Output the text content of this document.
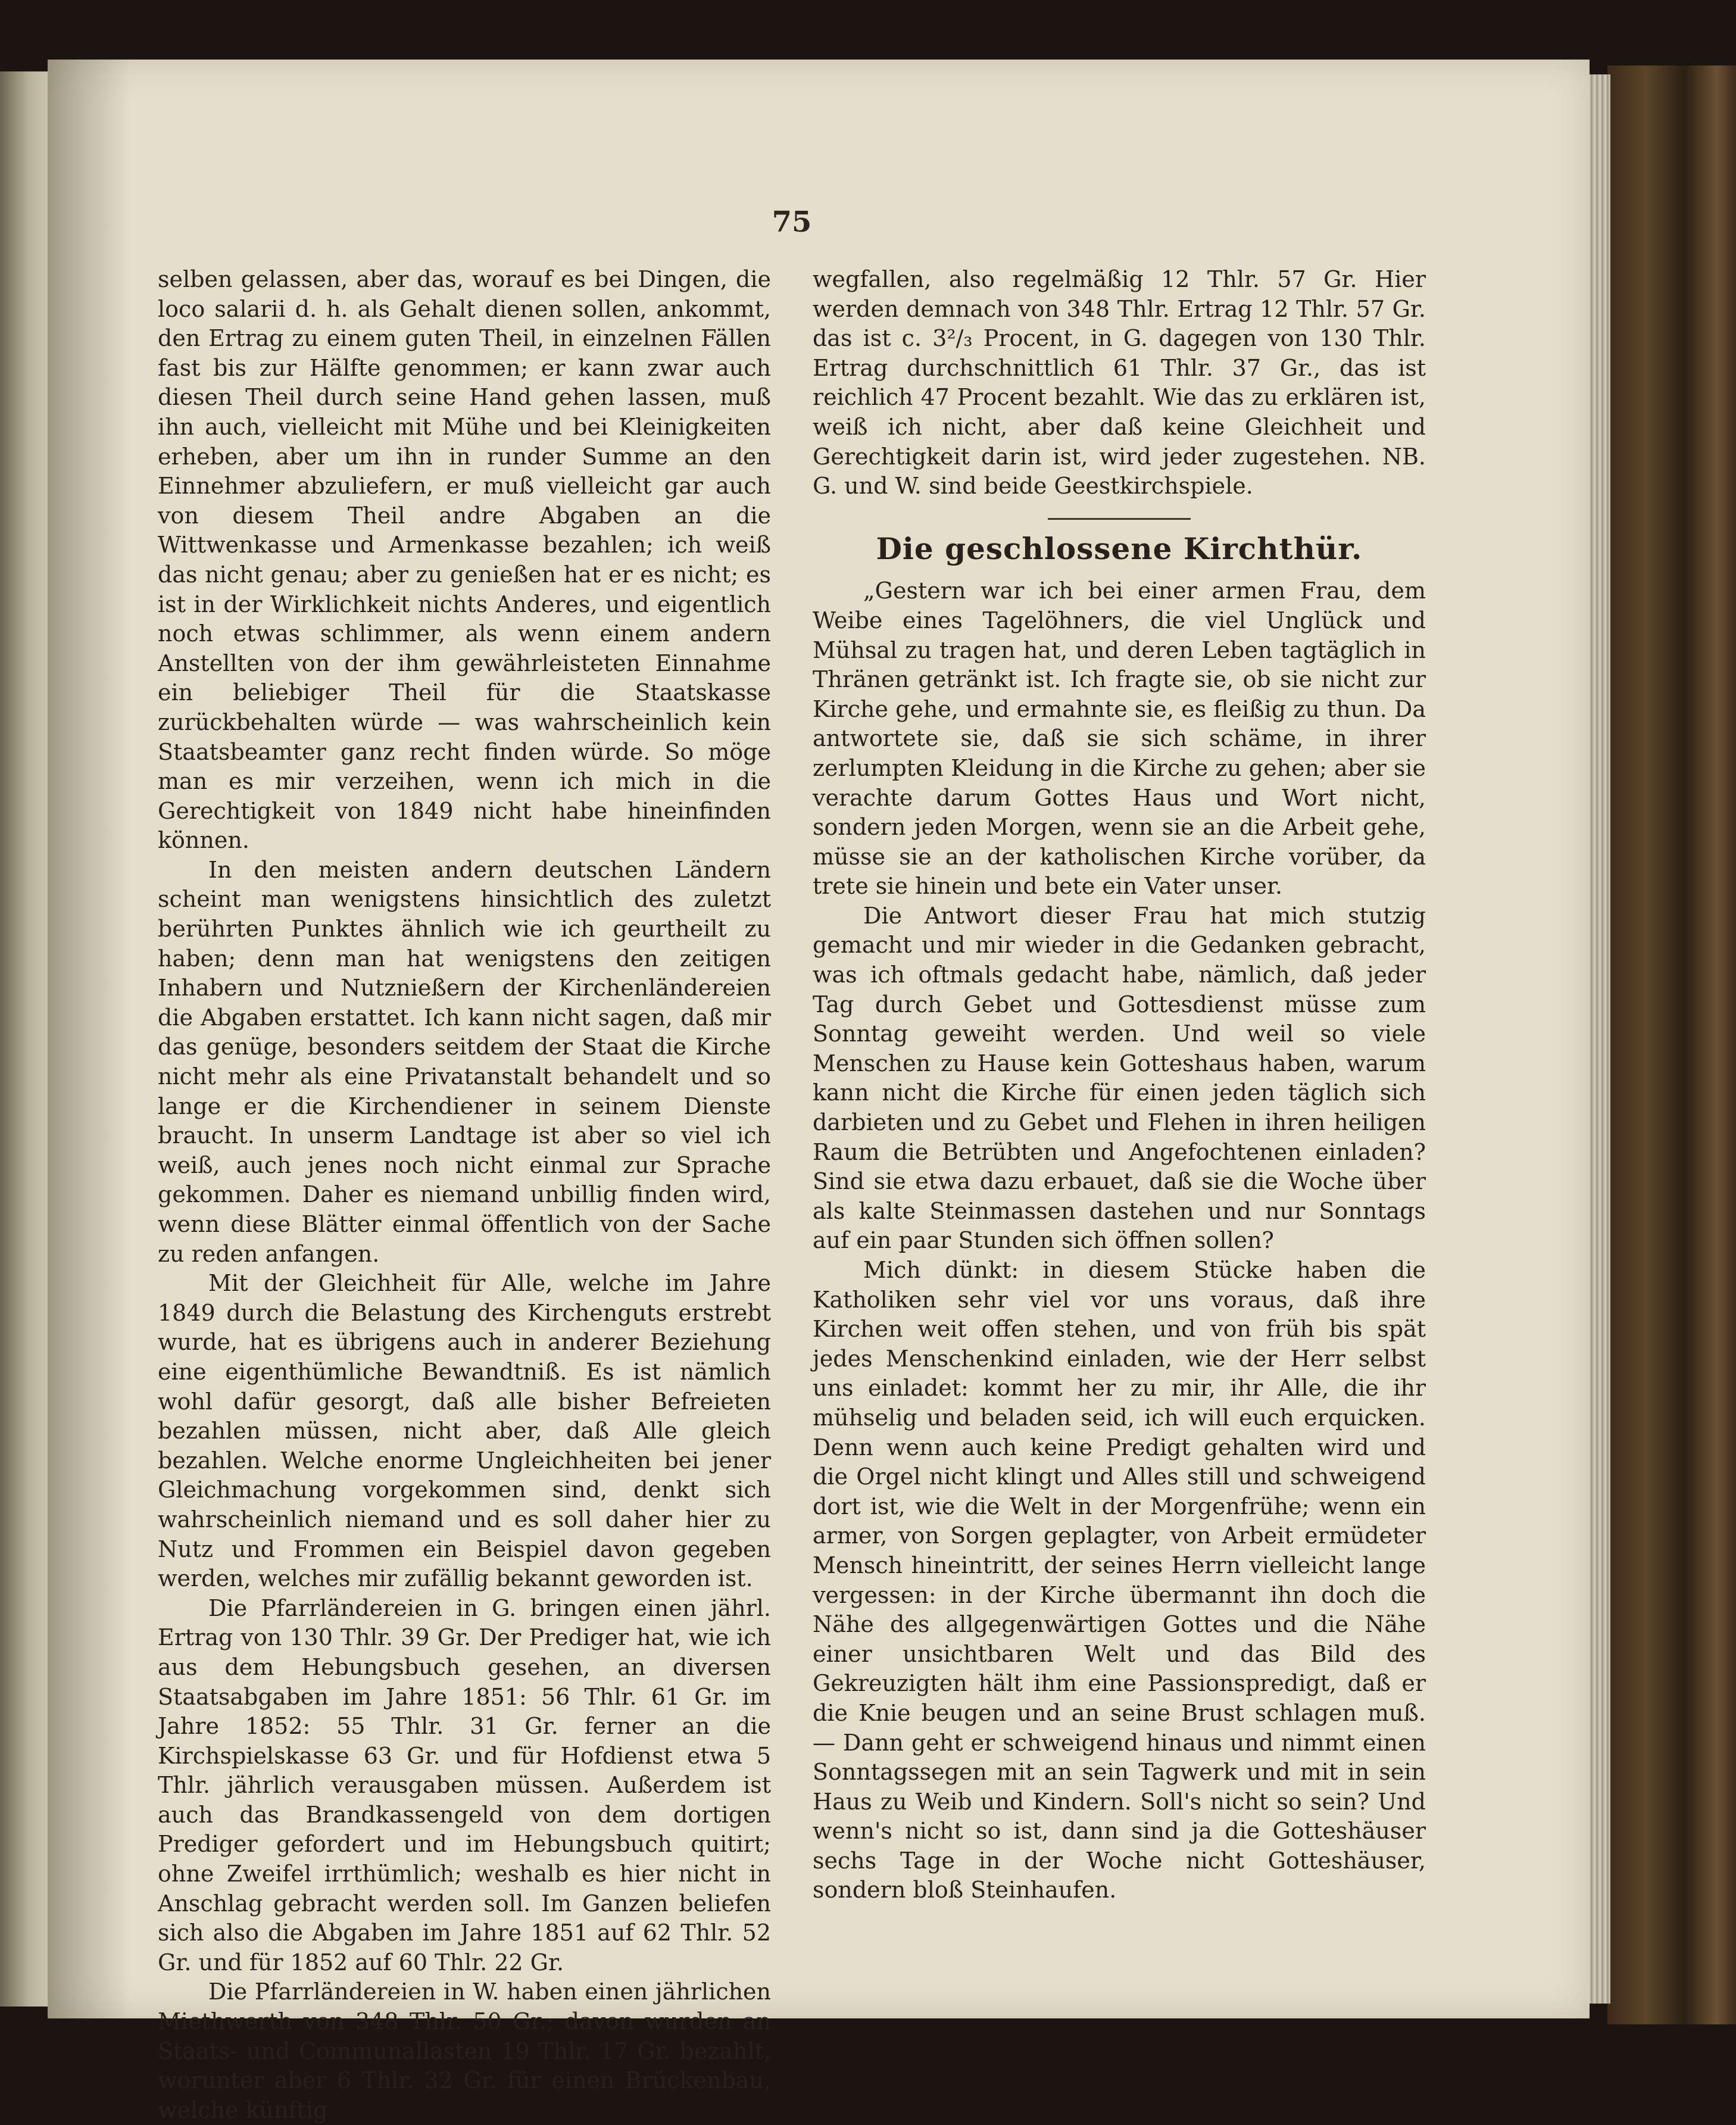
75

selben gelassen, aber das, worauf es bei Dingen, die loco salarii d. h. als Gehalt dienen sollen, ankommt, den Ertrag zu einem guten Theil, in einzelnen Fällen fast bis zur Hälfte genommen; er kann zwar auch diesen Theil durch seine Hand gehen lassen, muß ihn auch, vielleicht mit Mühe und bei Kleinigkeiten erheben, aber um ihn in runder Summe an den Einnehmer abzuliefern, er muß vielleicht gar auch von diesem Theil andre Abgaben an die Wittwenkasse und Armenkasse bezahlen; ich weiß das nicht genau; aber zu genießen hat er es nicht; es ist in der Wirklichkeit nichts Anderes, und eigentlich noch etwas schlimmer, als wenn einem andern Anstellten von der ihm gewährleisteten Einnahme ein beliebiger Theil für die Staatskasse zurückbehalten würde — was wahrscheinlich kein Staatsbeamter ganz recht finden würde. So möge man es mir verzeihen, wenn ich mich in die Gerechtigkeit von 1849 nicht habe hineinfinden können.

In den meisten andern deutschen Ländern scheint man wenigstens hinsichtlich des zuletzt berührten Punktes ähnlich wie ich geurtheilt zu haben; denn man hat wenigstens den zeitigen Inhabern und Nutznießern der Kirchenländereien die Abgaben erstattet. Ich kann nicht sagen, daß mir das genüge, besonders seitdem der Staat die Kirche nicht mehr als eine Privatanstalt behandelt und so lange er die Kirchendiener in seinem Dienste braucht. In unserm Landtage ist aber so viel ich weiß, auch jenes noch nicht einmal zur Sprache gekommen. Daher es niemand unbillig finden wird, wenn diese Blätter einmal öffentlich von der Sache zu reden anfangen.

Mit der Gleichheit für Alle, welche im Jahre 1849 durch die Belastung des Kirchenguts erstrebt wurde, hat es übrigens auch in anderer Beziehung eine eigenthümliche Bewandtniß. Es ist nämlich wohl dafür gesorgt, daß alle bisher Befreieten bezahlen müssen, nicht aber, daß Alle gleich bezahlen. Welche enorme Ungleichheiten bei jener Gleichmachung vorgekommen sind, denkt sich wahrscheinlich niemand und es soll daher hier zu Nutz und Frommen ein Beispiel davon gegeben werden, welches mir zufällig bekannt geworden ist.

Die Pfarrländereien in G. bringen einen jährl. Ertrag von 130 Thlr. 39 Gr. Der Prediger hat, wie ich aus dem Hebungsbuch gesehen, an diversen Staatsabgaben im Jahre 1851: 56 Thlr. 61 Gr. im Jahre 1852: 55 Thlr. 31 Gr. ferner an die Kirchspielskasse 63 Gr. und für Hofdienst etwa 5 Thlr. jährlich verausgaben müssen. Außerdem ist auch das Brandkassengeld von dem dortigen Prediger gefordert und im Hebungsbuch quitirt; ohne Zweifel irrthümlich; weshalb es hier nicht in Anschlag gebracht werden soll. Im Ganzen beliefen sich also die Abgaben im Jahre 1851 auf 62 Thlr. 52 Gr. und für 1852 auf 60 Thlr. 22 Gr.

Die Pfarrländereien in W. haben einen jährlichen Miethwerth von 348 Thlr. 50 Gr.; davon wurden an Staats- und Communallasten 19 Thlr. 17 Gr. bezahlt, worunter aber 6 Thlr. 32 Gr. für einen Brückenbau, welche künftig

wegfallen, also regelmäßig 12 Thlr. 57 Gr. Hier werden demnach von 348 Thlr. Ertrag 12 Thlr. 57 Gr. das ist c. 3²/₃ Procent, in G. dagegen von 130 Thlr. Ertrag durchschnittlich 61 Thlr. 37 Gr., das ist reichlich 47 Procent bezahlt. Wie das zu erklären ist, weiß ich nicht, aber daß keine Gleichheit und Gerechtigkeit darin ist, wird jeder zugestehen. NB. G. und W. sind beide Geestkirchspiele.

Die geschlossene Kirchthür.

„Gestern war ich bei einer armen Frau, dem Weibe eines Tagelöhners, die viel Unglück und Mühsal zu tragen hat, und deren Leben tagtäglich in Thränen getränkt ist. Ich fragte sie, ob sie nicht zur Kirche gehe, und ermahnte sie, es fleißig zu thun. Da antwortete sie, daß sie sich schäme, in ihrer zerlumpten Kleidung in die Kirche zu gehen; aber sie verachte darum Gottes Haus und Wort nicht, sondern jeden Morgen, wenn sie an die Arbeit gehe, müsse sie an der katholischen Kirche vorüber, da trete sie hinein und bete ein Vater unser.

Die Antwort dieser Frau hat mich stutzig gemacht und mir wieder in die Gedanken gebracht, was ich oftmals gedacht habe, nämlich, daß jeder Tag durch Gebet und Gottesdienst müsse zum Sonntag geweiht werden. Und weil so viele Menschen zu Hause kein Gotteshaus haben, warum kann nicht die Kirche für einen jeden täglich sich darbieten und zu Gebet und Flehen in ihren heiligen Raum die Betrübten und Angefochtenen einladen? Sind sie etwa dazu erbauet, daß sie die Woche über als kalte Steinmassen dastehen und nur Sonntags auf ein paar Stunden sich öffnen sollen?

Mich dünkt: in diesem Stücke haben die Katholiken sehr viel vor uns voraus, daß ihre Kirchen weit offen stehen, und von früh bis spät jedes Menschenkind einladen, wie der Herr selbst uns einladet: kommt her zu mir, ihr Alle, die ihr mühselig und beladen seid, ich will euch erquicken. Denn wenn auch keine Predigt gehalten wird und die Orgel nicht klingt und Alles still und schweigend dort ist, wie die Welt in der Morgenfrühe; wenn ein armer, von Sorgen geplagter, von Arbeit ermüdeter Mensch hineintritt, der seines Herrn vielleicht lange vergessen: in der Kirche übermannt ihn doch die Nähe des allgegenwärtigen Gottes und die Nähe einer unsichtbaren Welt und das Bild des Gekreuzigten hält ihm eine Passionspredigt, daß er die Knie beugen und an seine Brust schlagen muß. — Dann geht er schweigend hinaus und nimmt einen Sonntagssegen mit an sein Tagwerk und mit in sein Haus zu Weib und Kindern. Soll's nicht so sein? Und wenn's nicht so ist, dann sind ja die Gotteshäuser sechs Tage in der Woche nicht Gotteshäuser, sondern bloß Steinhaufen.
